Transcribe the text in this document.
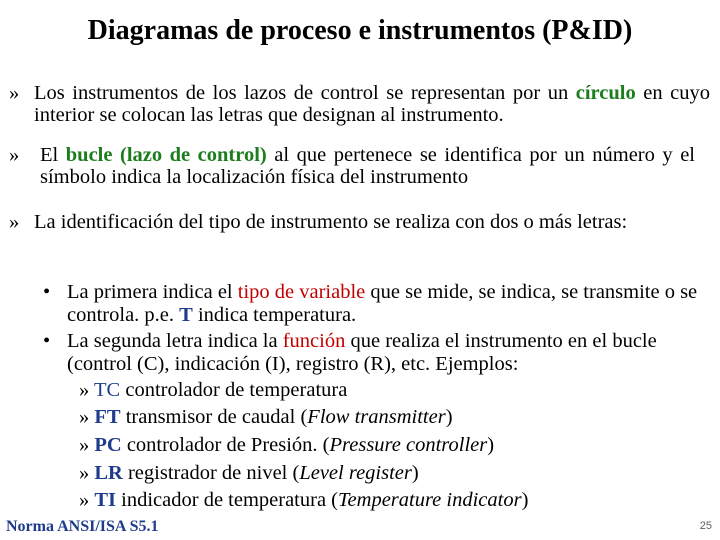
Diagramas de proceso e instrumentos (P&ID)
» Los instrumentos de los lazos de control se representan por un círculo en cuyo interior se colocan las letras que designan al instrumento.
» El bucle (lazo de control) al que pertenece se identifica por un número y el símbolo indica la localización física del instrumento
» La identificación del tipo de instrumento se realiza con dos o más letras:
• La primera indica el tipo de variable que se mide, se indica, se transmite o se controla. p.e. T indica temperatura.
• La segunda letra indica la función que realiza el instrumento en el bucle (control (C), indicación (I), registro (R), etc. Ejemplos:
» TC controlador de temperatura
» FT transmisor de caudal (Flow transmitter)
» PC controlador de Presión. (Pressure controller)
» LR registrador de nivel (Level register)
» TI indicador de temperatura (Temperature indicator)
Norma ANSI/ISA S5.1	25
